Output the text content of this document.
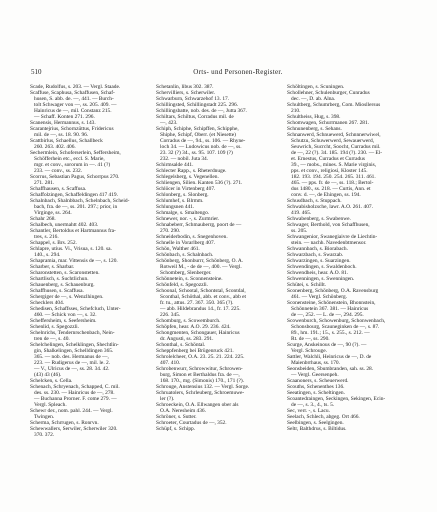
510	Orts- und Personen-Register.
Scade, Rudolfus, s. 203. — Vergl. Staade.
Scaffuse, Scaphusa, Schaffusen, Schaf-
husen, S. abb. de. —, 441. — Burch-
tolt Schwager von —, ss. 205. 409. —
Hainricus de —, mil. Constanz 215.
— Schaff. Konten 271. 296.
Scanensis, Hermannus, s. 143.
Scarantejrius, Schornzüttus, Fridericus
mil. de —, ss. 18. 90. 96.
Scattbirlus, Schaellus, Schallbeck
260. 263. 402. 406.
Sechermlein, Schoferserlein, Seffersheim,
Schöfferhein etc., eccl. S. Marie,
mgr. et conv., sororum in —. 41 (?)
233. — conv., ss. 232.
Scorrus, Sebastian Pagus, Schorrpus 270.
271. 281.
Schaffhausen, s. Scaffusa.
Schaffolzingen, Schaffeldingen 417 419.
Schalnbach, Shalnbbach, Schelnbach, Scheid-
bach, fra. de —, ss. 201. 297.; prior, in
Virginge, ss. 264.
Schahr 268.
Schalbech, unermahtt 402. 403.
Schantler, Bertoldus et Hartmannus fra-
tres, s. 216.
Schappel, s. Brs. 252.
Schlapre, utius. Vi., Vrisua, s. 120. sa.
140., s. 294.
Schapramia, mar. Vittensis de —, s. 120.
Scharber, s. Sharbar.
Scharonstetten, s. Scaronstetten.
Schartlisch, s. Suchtlichun.
Schauenberg, s. Schauenburg.
Schaffhusen, s. Scaffusa.
Schergiger de —, s. Wenzlhingen.
Schecklers 404.
Schedisen, Schaffsses, Schefcluch, Unter-
460. — Schick von —, s. 32.
Scheffersheim, s. Seefersheim.
Schenlid, s. Spegozzli.
Schelnrichs, Tendernrschenbach, Nein-
tren de —, s. 40.
Schelchelingen, Schelklingen, Shechtlin-
gin, Shalkelingen, Schelldingen 365.
365. — nob. des. Hermanus de —,
223. — Rudigerus de —, mil. le. 2.
— V., Ulricus de —, ss. 28. 34. 42.
(43) 43 (46).
Schelcken, s. Cella.
Schenach, Schryenach, Schapped, C. mil.
des. ss. 230. — Hainricus de —, 278.
— Buchanna Prorner. F. come 279. —
Vergl. Spleach.
Schewr der., nom. pahl. 244. — Vergl.
Twingen.
Scherma, Schrrugen, s. Ronrvn.
Schewwallers, Serwiler, Scherwiler 320.
370. 372.
Schetanlin, libus 302. 387.
Schervilliers, s. Scherwiler.
Schwarburn, Schwarzehof 13. 17.
Schillingsted, Schillingstadt 225. 296.
Schillingsbatte, nob. des. de —, Jutta 367.
Schiltars, Schiltus, Corradus mil. de
—, 423.
Schiph, Schiphe, Schipffen, Schipphe,
Shiphe, Schipf, Oberr. (et Niesette)
Corradus de —, 94., ss. 106. — Rhyne-
loch 34. — Ludowicus nob. de —, ss.
23. 32 (?) 34., ss. 95. 107. 109 (?)
232. — nobil. Juta 34.
Schirmsalde 441.
Schlecter Rapp., s. Rheterdnuge.
Schlegelsberg, s. Vegenellen.
Schliengen, Silien. Kanten 536 (?). 271.
Schlöcer in Virtenberg 407.
Schlonberg, s. Slonberg.
Schlumhef, s. Blrmm.
Schlungsnen 441.
Schmalge, s. Smaltengo.
Schnewer, nor. -, s. Zurmrier.
Schnabeberr, Schmauberrg, poort de —
270. 290.
Schneiderbodin, s. Snegenhoven.
Schnelle in Vorarlberg 407.
Schön, Walther 461.
Schönbach, s. Schalnbach.
Schönberg, Shonburrr, Schönberg, O. A.
Rotweil M., - de de —, 400. — Vergl.
Schomberg, Slenberger.
Schönnetein, s. Sconnensteine.
Schönfeld, s. Spegozzli.
Schoonal, Schootal, Schontstal, Scontdal,
Sconthal, Schöthal, abb. et conv., abb et
fr. tu., attus. 27. 367. 350. 365 (?).
— abb. Hildebrandus 14., fr. 17. 225.
226. 345.
Schomburg, s. Scowemburch.
Schöpfen, hear. A.O. 29. 236. 424.
Schongmenten, Schongauer, Hainricus
dr. Angusti, ss. 283. 291.
Schonthal, s. Schöntal.
Scheppfenberg bei Brügenruck 421.
Schrolelcheer, O.A. 23. 25. 21. 224. 225.
407. 410.
Schrobenwurr, Schrowwitur, Schrowen-
burg, Simon et Berthaldus fra. de —,
168. 170., mg. (Simonis) 170., 171 (?).
Schrouge, Anstensius 132. — Vergl. Sorge.
Schruatolers, Schrleuberg, Schroemuwe-
ler (?).
Schroeckein, O.A. Ellwangen ober als
O.A. Neresheim 436.
Schröner, s. Sutter.
Schroeter, Courtadus de —, 352.
Schüpf, s. Schipp.
Schöltingen, s. Scuningen.
Schollehner, Schulenburger, Cunradus
dec. —, D. ab. Alna.
Schultberg, Schumrberg, Com. Miosllersus
210.
Schultheiss, Hug, s. 398.
Schomwagen, Schurrmanen 267. 281.
Schnunenberg, s. Sehans.
Schnanwerd, Schnuewerd, Schnnnerwiwel,
Schutzu, Schuwerwerd, Sewauerwerd,
Seuwrich, Sucrcht, Soocht, Curradus mil.
de —, 22 (?). 34. 185. 194 (?). 230. — El-
et. Ernestus, Curradus et Curradus
39., — mobs., mines. S. Marie virginis,
pps. et conv., religiosi, Kloster 145.
182. 193. 194. 250. 254. 265. 311. 461.
465. — pps. fr. de —, ss. 118.; Bertol-
dus 1480., ss. 218. — Curtis, Ann. et
conv. d. —, de Ehingen, ss. 194.
Schusdbach, s. Stuppach.
Schwabisholzsche, lawr. A.O. 261. 407.
419. 465.
Schwabenberg, s. Swabenwe.
Schwager, Berthold, von Schaffhusen,
ss. 205.
Schwangenior, Swanegiaivre de Liechtin-
stein. — nachh. Navedenbtmensor.
Schwannbach, s. Biorabach.
Schwarzbach, s. Swarzab.
Schwarzingen, s. Suarzingen.
Schwendingen, s. Swaldenboch.
Schwendheis, hear. A.O. 81.
Schwenningen, s. Swenningen.
Schütei, s. Schillt.
Sconenberg, Schönberg, O.A. Ravensburg
461. — Vergl. Schönberg.
Sconensteine, Schönenstein, Bhonnstein,
Schönnetein 367. 381. — Hainricus
de —, 252. — L. de —, 294. 295.
Scowenburch, Schowenburg, Schonwenbach,
Schonsbourg, Scauneginken de —, s. 87.
89., hm. 191.; 15., s. 255., s. 212. —
Rt. de —, ss. 290.
Scurge, Anskeinous de —, 90 (?). —
Vergl. Schrouge.
Sattler, Walchli, Heinricus de —, D. de
Maienbrrhaus, ss. 170.
Seonsbeiden, Sbumbranden, sah. ss. 28.
— Vergl. Geersenpeh.
Scaanoners, s. Scheuerwerd.
Scouths, Schenenthes 136.
Seeatingen, s. Scheltingen.
Scoantedraingen, Seckingen, Sekingen, Ecin-
de —, s. 3., 4., ts. 5.
Sec, verr. -, s. Lacu.
Seelach, Schlech, abgeg. Ort 466.
Seelbingen, s. Seelgingen.
Seltr, Balthdrus, s. Biltidus.
